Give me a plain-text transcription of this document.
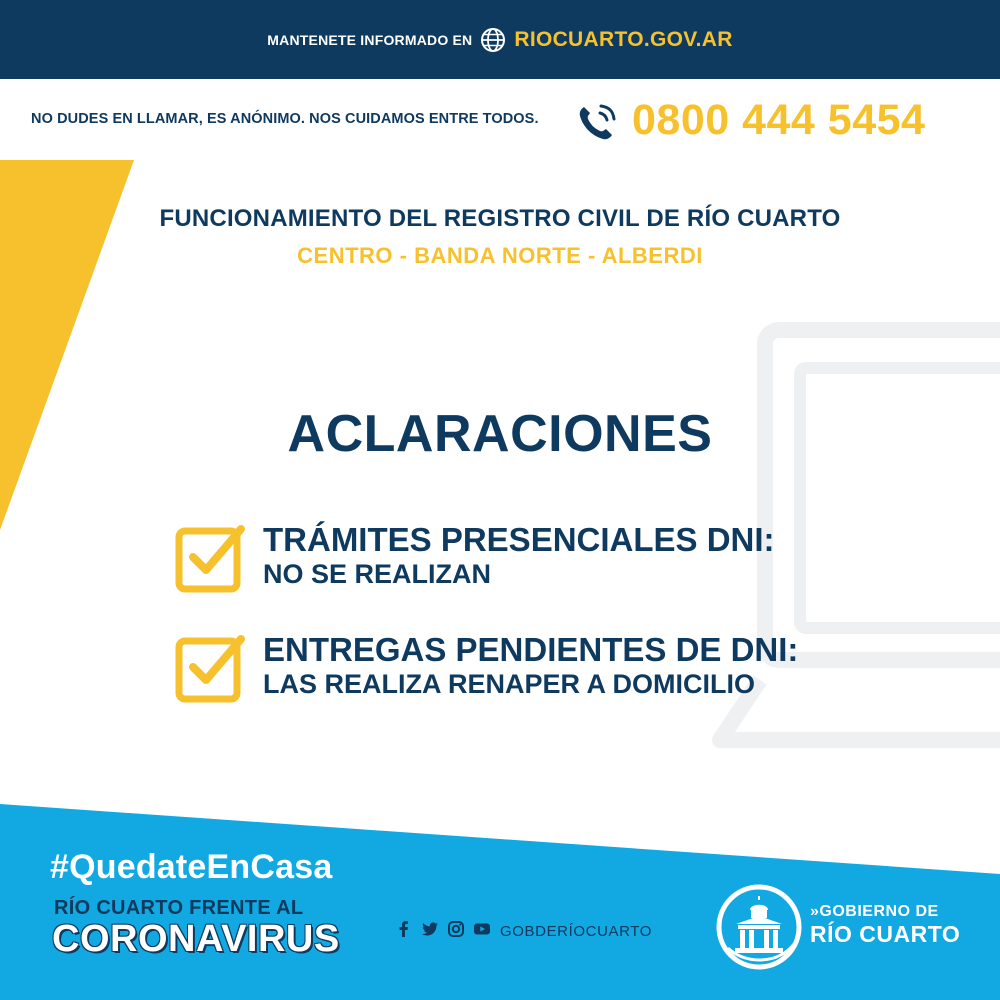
MANTENETE INFORMADO EN RIOCUARTO.GOV.AR
NO DUDES EN LLAMAR, ES ANÓNIMO. NOS CUIDAMOS ENTRE TODOS. 0800 444 5454
FUNCIONAMIENTO DEL REGISTRO CIVIL DE RÍO CUARTO
CENTRO - BANDA NORTE - ALBERDI
ACLARACIONES
TRÁMITES PRESENCIALES DNI:
NO SE REALIZAN
ENTREGAS PENDIENTES DE DNI:
LAS REALIZA RENAPER A DOMICILIO
#QuedateEnCasa
RÍO CUARTO FRENTE AL
CORONAVIRUS	GOBDERÍOCUARTO
»GOBIERNO DE
RÍO CUARTO
